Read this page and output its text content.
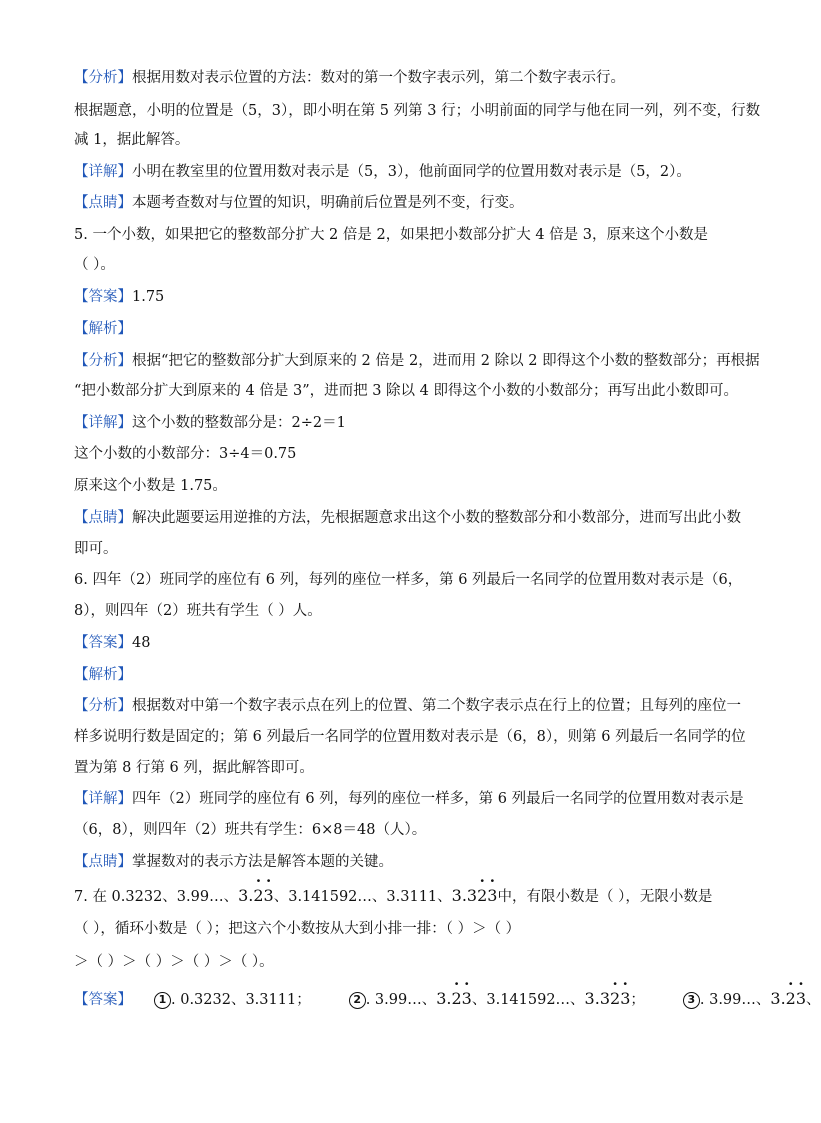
【分析】根据用数对表示位置的方法：数对的第一个数字表示列，第二个数字表示行。
根据题意，小明的位置是（5，3），即小明在第 5 列第 3 行；小明前面的同学与他在同一列，列不变，行数
减 1，据此解答。
【详解】小明在教室里的位置用数对表示是（5，3），他前面同学的位置用数对表示是（5，2）。
【点睛】本题考查数对与位置的知识，明确前后位置是列不变，行变。
5. 一个小数，如果把它的整数部分扩大 2 倍是 2，如果把小数部分扩大 4 倍是 3，原来这个小数是
（ ）。
【答案】1.75
【解析】
【分析】根据“把它的整数部分扩大到原来的 2 倍是 2，进而用 2 除以 2 即得这个小数的整数部分；再根据
“把小数部分扩大到原来的 4 倍是 3”，进而把 3 除以 4 即得这个小数的小数部分；再写出此小数即可。
【详解】这个小数的整数部分是：2÷2＝1
这个小数的小数部分：3÷4＝0.75
原来这个小数是 1.75。
【点睛】解决此题要运用逆推的方法，先根据题意求出这个小数的整数部分和小数部分，进而写出此小数
即可。
6. 四年（2）班同学的座位有 6 列，每列的座位一样多，第 6 列最后一名同学的位置用数对表示是（6，
8），则四年（2）班共有学生（ ）人。
【答案】48
【解析】
【分析】根据数对中第一个数字表示点在列上的位置、第二个数字表示点在行上的位置；且每列的座位一
样多说明行数是固定的；第 6 列最后一名同学的位置用数对表示是（6，8），则第 6 列最后一名同学的位
置为第 8 行第 6 列，据此解答即可。
【详解】四年（2）班同学的座位有 6 列，每列的座位一样多，第 6 列最后一名同学的位置用数对表示是
（6，8），则四年（2）班共有学生：6×8＝48（人）。
【点睛】掌握数对的表示方法是解答本题的关键。
7. 在 0.3232、3.99…、3.· 2· 3、3.141592…、3.3111、3.3· 2· 3中，有限小数是（ ），无限小数是
（ ），循环小数是（ ）；把这六个小数按从大到小排一排：（ ）＞（ ）
＞（ ）＞（ ）＞（ ）＞（ ）。
【答案】 1 . 0.3232、3.3111；	2 . 3.99…、3.· 2· 3、3.141592…、3.3· 2· 3；	3 . 3.99…、3.· 2· 3、
